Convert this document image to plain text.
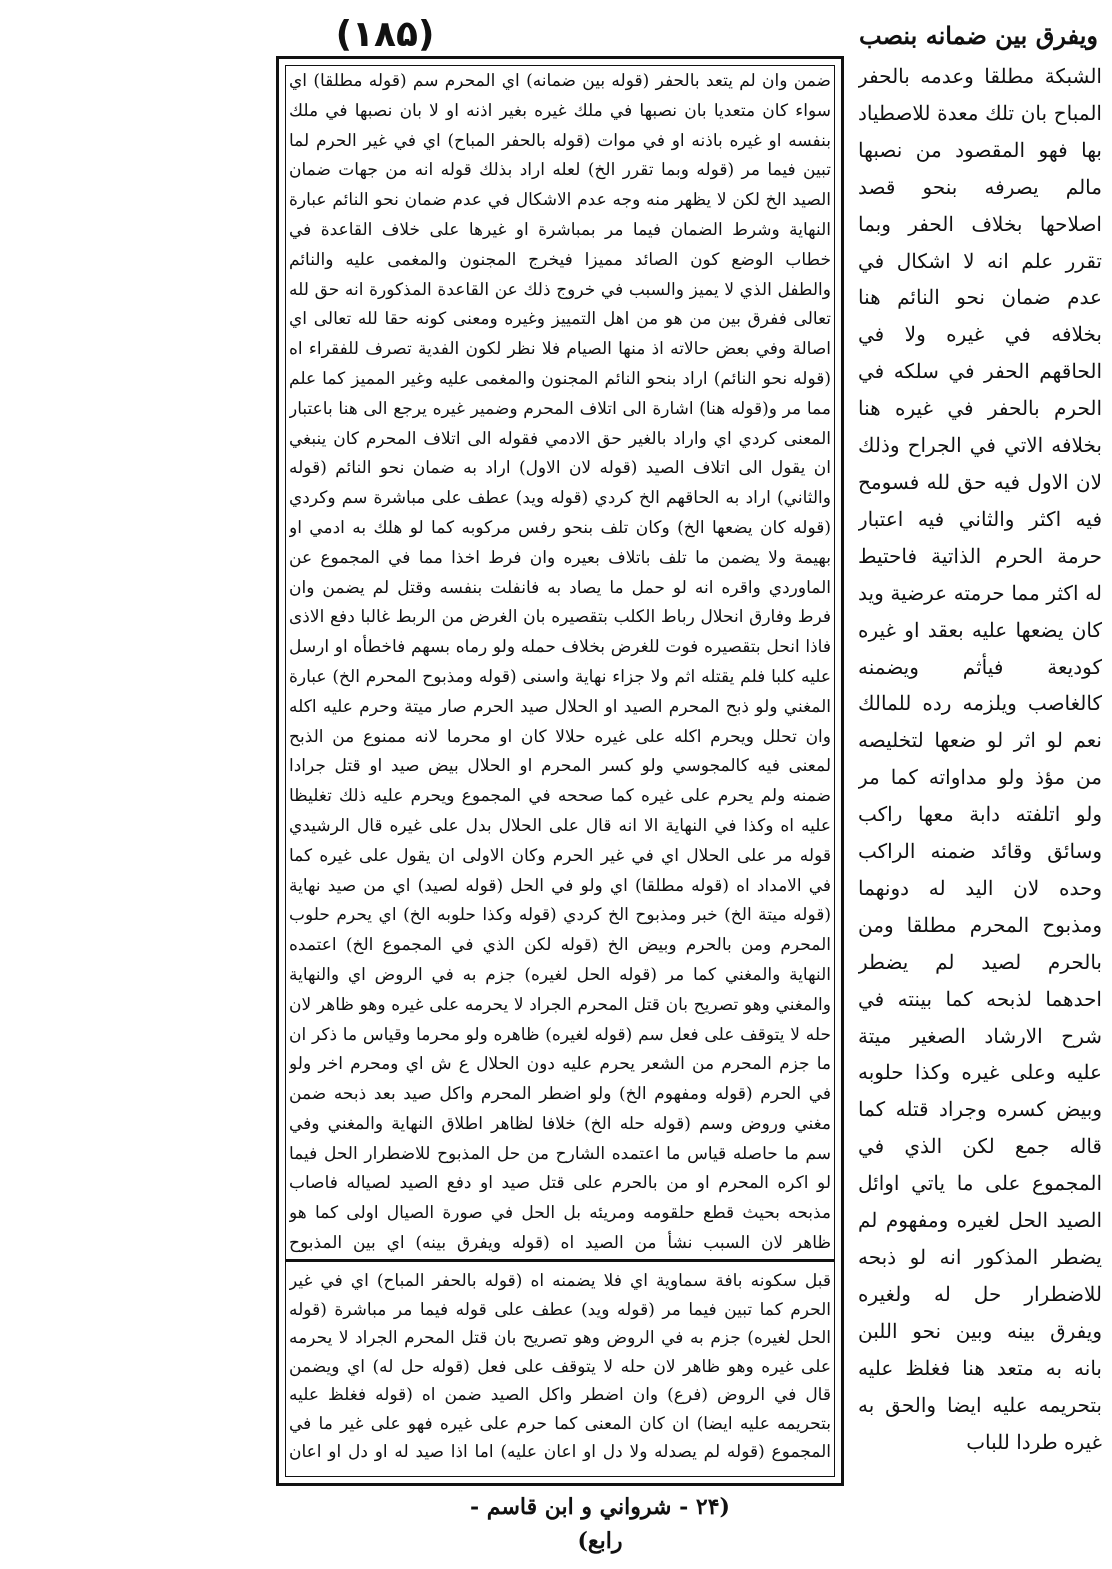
(۱۸۵)	ویفرق بین ضمانه بنصب
الشبكة مطلقا وعدمه بالحفر المباح بان تلك معدة للاصطياد بها فهو المقصود من نصبها مالم يصرفه بنحو قصد اصلاحها بخلاف الحفر وبما تقرر علم انه لا اشكال في عدم ضمان نحو النائم هنا بخلافه في غيره ولا في الحاقهم الحفر في سلكه في الحرم بالحفر في غيره هنا بخلافه الاتي في الجراح وذلك لان الاول فيه حق لله فسومح فيه اكثر والثاني فيه اعتبار حرمة الحرم الذاتية فاحتيط له اكثر مما حرمته عرضية ويد كان يضعها عليه بعقد او غيره كوديعة فيأثم ويضمنه كالغاصب ويلزمه رده للمالك نعم لو اثر لو ضعها لتخليصه من مؤذ ولو مداواته كما مر ولو اتلفته دابة معها راكب وسائق وقائد ضمنه الراكب وحده لان اليد له دونهما ومذبوح المحرم مطلقا ومن بالحرم لصيد لم يضطر احدهما لذبحه كما بينته في شرح الارشاد الصغير ميتة عليه وعلى غيره وكذا حلوبه وبيض كسره وجراد قتله كما قاله جمع لكن الذي في المجموع على ما ياتي اوائل الصيد الحل لغيره ومفهوم لم يضطر المذكور انه لو ذبحه للاضطرار حل له ولغيره ويفرق بينه وبين نحو اللبن بانه به متعد هنا فغلظ عليه بتحريمه عليه ايضا والحق به غيره طردا للباب
ضمن وان لم يتعد بالحفر (قوله بين ضمانه) اي المحرم سم (قوله مطلقا) اي سواء كان متعديا بان نصبها في ملك غيره بغير اذنه او لا بان نصبها في ملك بنفسه او غيره باذنه او في موات (قوله بالحفر المباح) اي في غير الحرم لما تبين فيما مر (قوله وبما تقرر الخ) لعله اراد بذلك قوله انه من جهات ضمان الصيد الخ لكن لا يظهر منه وجه عدم الاشكال في عدم ضمان نحو النائم عبارة النهاية وشرط الضمان فيما مر بمباشرة او غيرها على خلاف القاعدة في خطاب الوضع كون الصائد مميزا فيخرج المجنون والمغمى عليه والنائم والطفل الذي لا يميز والسبب في خروج ذلك عن القاعدة المذكورة انه حق لله تعالى ففرق بين من هو من اهل التمييز وغيره ومعنى كونه حقا لله تعالى اي اصالة وفي بعض حالاته اذ منها الصيام فلا نظر لكون الفدية تصرف للفقراء اه (قوله نحو النائم) اراد بنحو النائم المجنون والمغمى عليه وغير المميز كما علم مما مر و(قوله هنا) اشارة الى اتلاف المحرم وضمير غيره يرجع الى هنا باعتبار المعنى كردي اي واراد بالغير حق الادمي فقوله الى اتلاف المحرم كان ينبغي ان يقول الى اتلاف الصيد (قوله لان الاول) اراد به ضمان نحو النائم (قوله والثاني) اراد به الحاقهم الخ كردي (قوله ويد) عطف على مباشرة سم وكردي (قوله كان يضعها الخ) وكان تلف بنحو رفس مركوبه كما لو هلك به ادمي او بهيمة ولا يضمن ما تلف باتلاف بعيره وان فرط اخذا مما في المجموع عن الماوردي واقره انه لو حمل ما يصاد به فانفلت بنفسه وقتل لم يضمن وان فرط وفارق انحلال رباط الكلب بتقصيره بان الغرض من الربط غالبا دفع الاذى فاذا انحل بتقصيره فوت للغرض بخلاف حمله ولو رماه بسهم فاخطأه او ارسل عليه كلبا فلم يقتله اثم ولا جزاء نهاية واسنى (قوله ومذبوح المحرم الخ) عبارة المغني ولو ذبح المحرم الصيد او الحلال صيد الحرم صار ميتة وحرم عليه اكله وان تحلل ويحرم اكله على غيره حلالا كان او محرما لانه ممنوع من الذبح لمعنى فيه كالمجوسي ولو كسر المحرم او الحلال بيض صيد او قتل جرادا ضمنه ولم يحرم على غيره كما صححه في المجموع ويحرم عليه ذلك تغليظا عليه اه وكذا في النهاية الا انه قال على الحلال بدل على غيره قال الرشيدي قوله مر على الحلال اي في غير الحرم وكان الاولى ان يقول على غيره كما في الامداد اه (قوله مطلقا) اي ولو في الحل (قوله لصيد) اي من صيد نهاية (قوله ميتة الخ) خبر ومذبوح الخ كردي (قوله وكذا حلوبه الخ) اي يحرم حلوب المحرم ومن بالحرم وبيض الخ (قوله لكن الذي في المجموع الخ) اعتمده النهاية والمغني كما مر (قوله الحل لغيره) جزم به في الروض اي والنهاية والمغني وهو تصريح بان قتل المحرم الجراد لا يحرمه على غيره وهو ظاهر لان حله لا يتوقف على فعل سم (قوله لغيره) ظاهره ولو محرما وقياس ما ذكر ان ما جزم المحرم من الشعر يحرم عليه دون الحلال ع ش اي ومحرم اخر ولو في الحرم (قوله ومفهوم الخ) ولو اضطر المحرم واكل صيد بعد ذبحه ضمن مغني وروض وسم (قوله حله الخ) خلافا لظاهر اطلاق النهاية والمغني وفي سم ما حاصله قياس ما اعتمده الشارح من حل المذبوح للاضطرار الحل فيما لو اكره المحرم او من بالحرم على قتل صيد او دفع الصيد لصياله فاصاب مذبحه بحيث قطع حلقومه ومريئه بل الحل في صورة الصيال اولى كما هو ظاهر لان السبب نشأ من الصيد اه (قوله ويفرق بينه) اي بين المذبوح
قبل سكونه بافة سماوية اي فلا يضمنه اه (قوله بالحفر المباح) اي في غير الحرم كما تبين فيما مر (قوله ويد) عطف على قوله فيما مر مباشرة (قوله الحل لغيره) جزم به في الروض وهو تصريح بان قتل المحرم الجراد لا يحرمه على غيره وهو ظاهر لان حله لا يتوقف على فعل (قوله حل له) اي ويضمن قال في الروض (فرع) وان اضطر واكل الصيد ضمن اه (قوله فغلظ عليه بتحريمه عليه ايضا) ان كان المعنى كما حرم على غيره فهو على غير ما في المجموع (قوله لم يصدله ولا دل او اعان عليه) اما اذا صيد له او دل او اعان
(۲۴ - شرواني و ابن قاسم - رابع)
